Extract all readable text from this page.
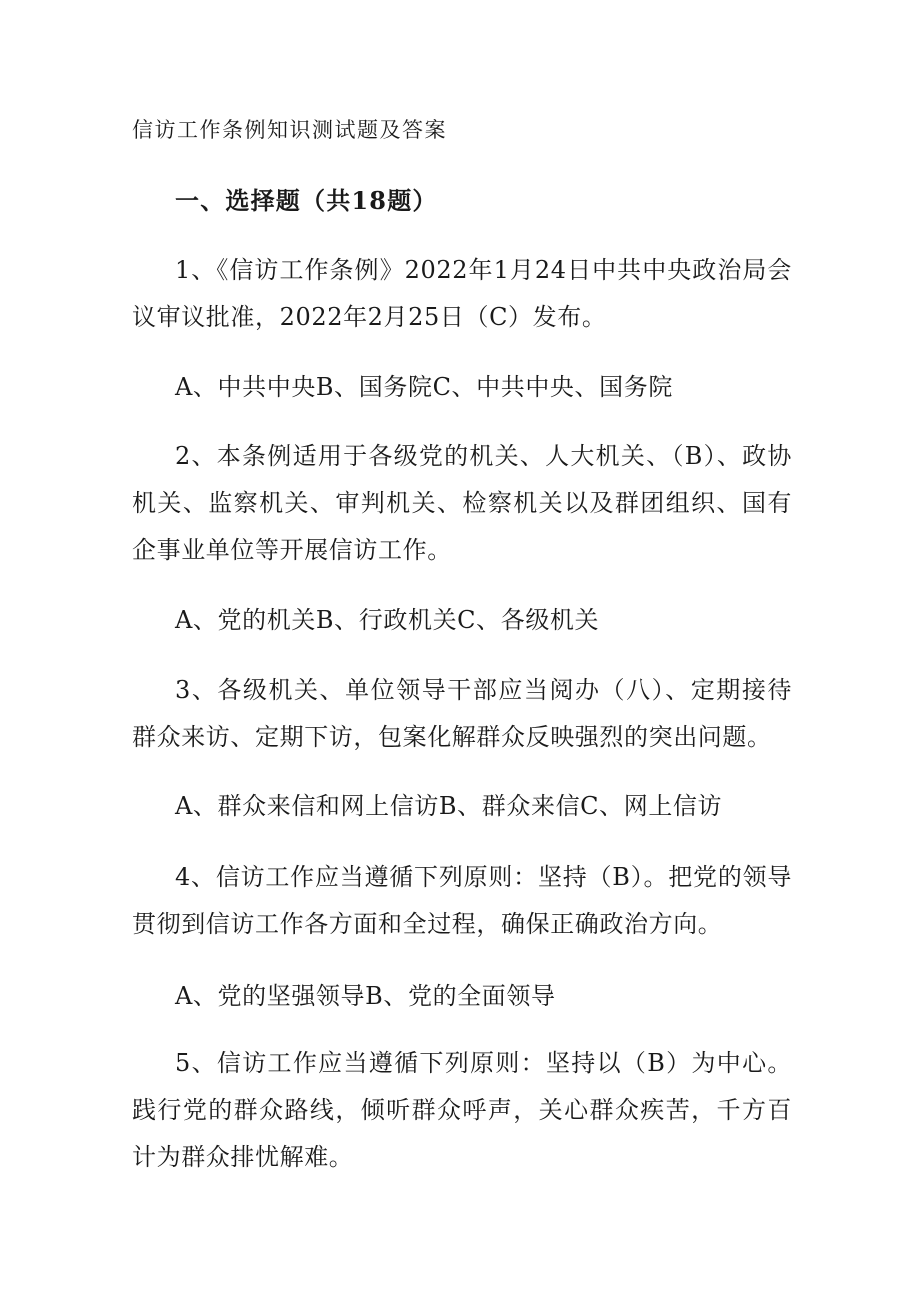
信访工作条例知识测试题及答案
一、选择题（共18题）
1、《信访工作条例》2022年1月24日中共中央政治局会议审议批准，2022年2月25日（C）发布。
A、中共中央B、国务院C、中共中央、国务院
2、本条例适用于各级党的机关、人大机关、（B）、政协机关、监察机关、审判机关、检察机关以及群团组织、国有企事业单位等开展信访工作。
A、党的机关B、行政机关C、各级机关
3、各级机关、单位领导干部应当阅办（八）、定期接待群众来访、定期下访，包案化解群众反映强烈的突出问题。
A、群众来信和网上信访B、群众来信C、网上信访
4、信访工作应当遵循下列原则：坚持（B）。把党的领导贯彻到信访工作各方面和全过程，确保正确政治方向。
A、党的坚强领导B、党的全面领导
5、信访工作应当遵循下列原则：坚持以（B）为中心。践行党的群众路线，倾听群众呼声，关心群众疾苦，千方百计为群众排忧解难。
